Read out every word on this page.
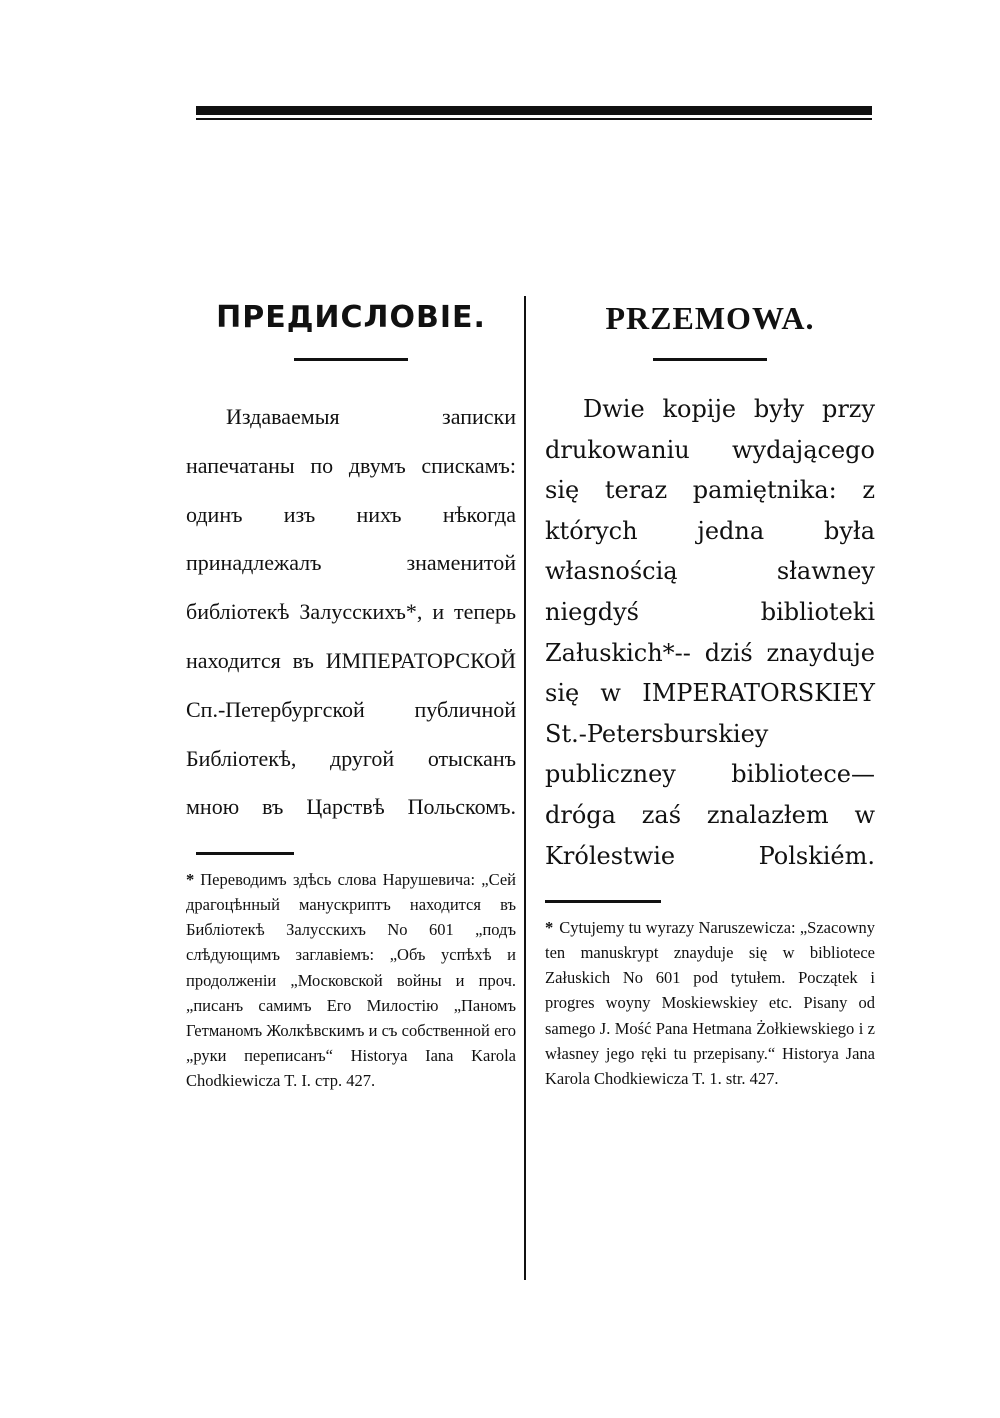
ПРЕДИСЛОВІЕ.

Издаваемыя записки напечатаны по двумъ спискамъ: одинъ изъ нихъ нѣкогда принадлежалъ знаменитой библіотекѣ Залусскихъ*, и теперь находится въ ИМПЕРАТОРСКОЙ Сп.-Петербургской публичной Библіотекѣ, другой отысканъ мною въ Царствѣ Польскомъ.

* Переводимъ здѣсь слова Нарушевича: „Сей драгоцѣнный манускриптъ находится въ Библіотекѣ Залусскихъ No 601 „подъ слѣдующимъ заглавіемъ: „Объ успѣхѣ и продолженіи „Московской войны и проч. „писанъ самимъ Его Милостію „Паномъ Гетманомъ Жолкѣвскимъ и съ собственной его „руки переписанъ“ Historya Iana Karola Chodkiewicza T. I. стр. 427.

PRZEMOWA.

Dwie kopije były przy drukowaniu wydającego się teraz pamiętnika: z których jedna była własnością sławney niegdyś biblioteki Załuskich*-- dziś znayduje się w IMPERATORSKIEY St.-Petersburskiey publiczney bibliotece—dróga zaś znalazłem w Królestwie Polskiém.

* Cytujemy tu wyrazy Naruszewicza: „Szacowny ten manuskrypt znayduje się w bibliotece Załuskich No 601 pod tytułem. Początek i progres woyny Moskiewskiey etc. Pisany od samego J. Mość Pana Hetmana Żołkiewskiego i z własney jego ręki tu przepisany.“ Historya Jana Karola Chodkiewicza T. 1. str. 427.
